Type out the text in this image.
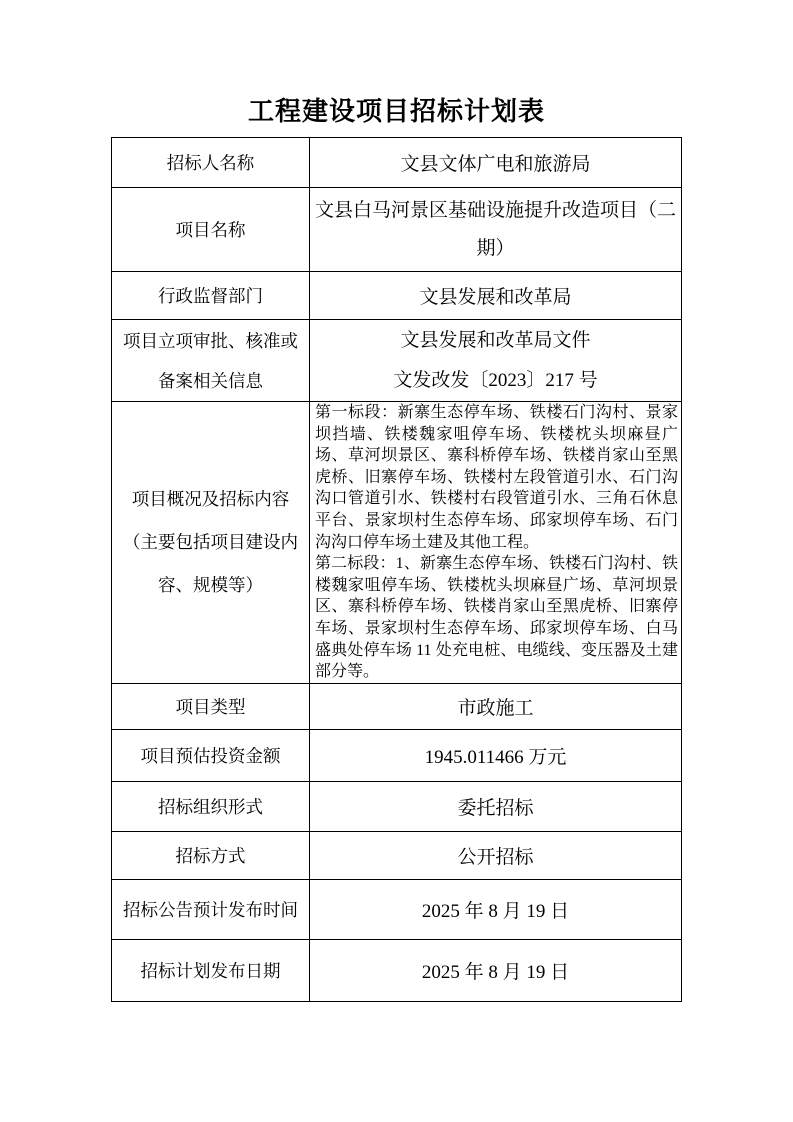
工程建设项目招标计划表
招标人名称	文县文体广电和旅游局
项目名称	文县白马河景区基础设施提升改造项目（二期）
行政监督部门	文县发展和改革局
项目立项审批、核准或备案相关信息	文县发展和改革局文件
文发改发〔2023〕217 号

项目概况及招标内容（主要包括项目建设内容、规模等）	第一标段：新寨生态停车场、铁楼石门沟村、景家坝挡墙、铁楼魏家咀停车场、铁楼枕头坝麻昼广场、草河坝景区、寨科桥停车场、铁楼肖家山至黑虎桥、旧寨停车场、铁楼村左段管道引水、石门沟沟口管道引水、铁楼村右段管道引水、三角石休息平台、景家坝村生态停车场、邱家坝停车场、石门沟沟口停车场土建及其他工程。
第二标段：1、新寨生态停车场、铁楼石门沟村、铁楼魏家咀停车场、铁楼枕头坝麻昼广场、草河坝景区、寨科桥停车场、铁楼肖家山至黑虎桥、旧寨停车场、景家坝村生态停车场、邱家坝停车场、白马盛典处停车场 11 处充电桩、电缆线、变压器及土建部分等。

项目类型	市政施工
项目预估投资金额	1945.011466 万元
招标组织形式	委托招标
招标方式	公开招标
招标公告预计发布时间	2025 年 8 月 19 日
招标计划发布日期	2025 年 8 月 19 日
